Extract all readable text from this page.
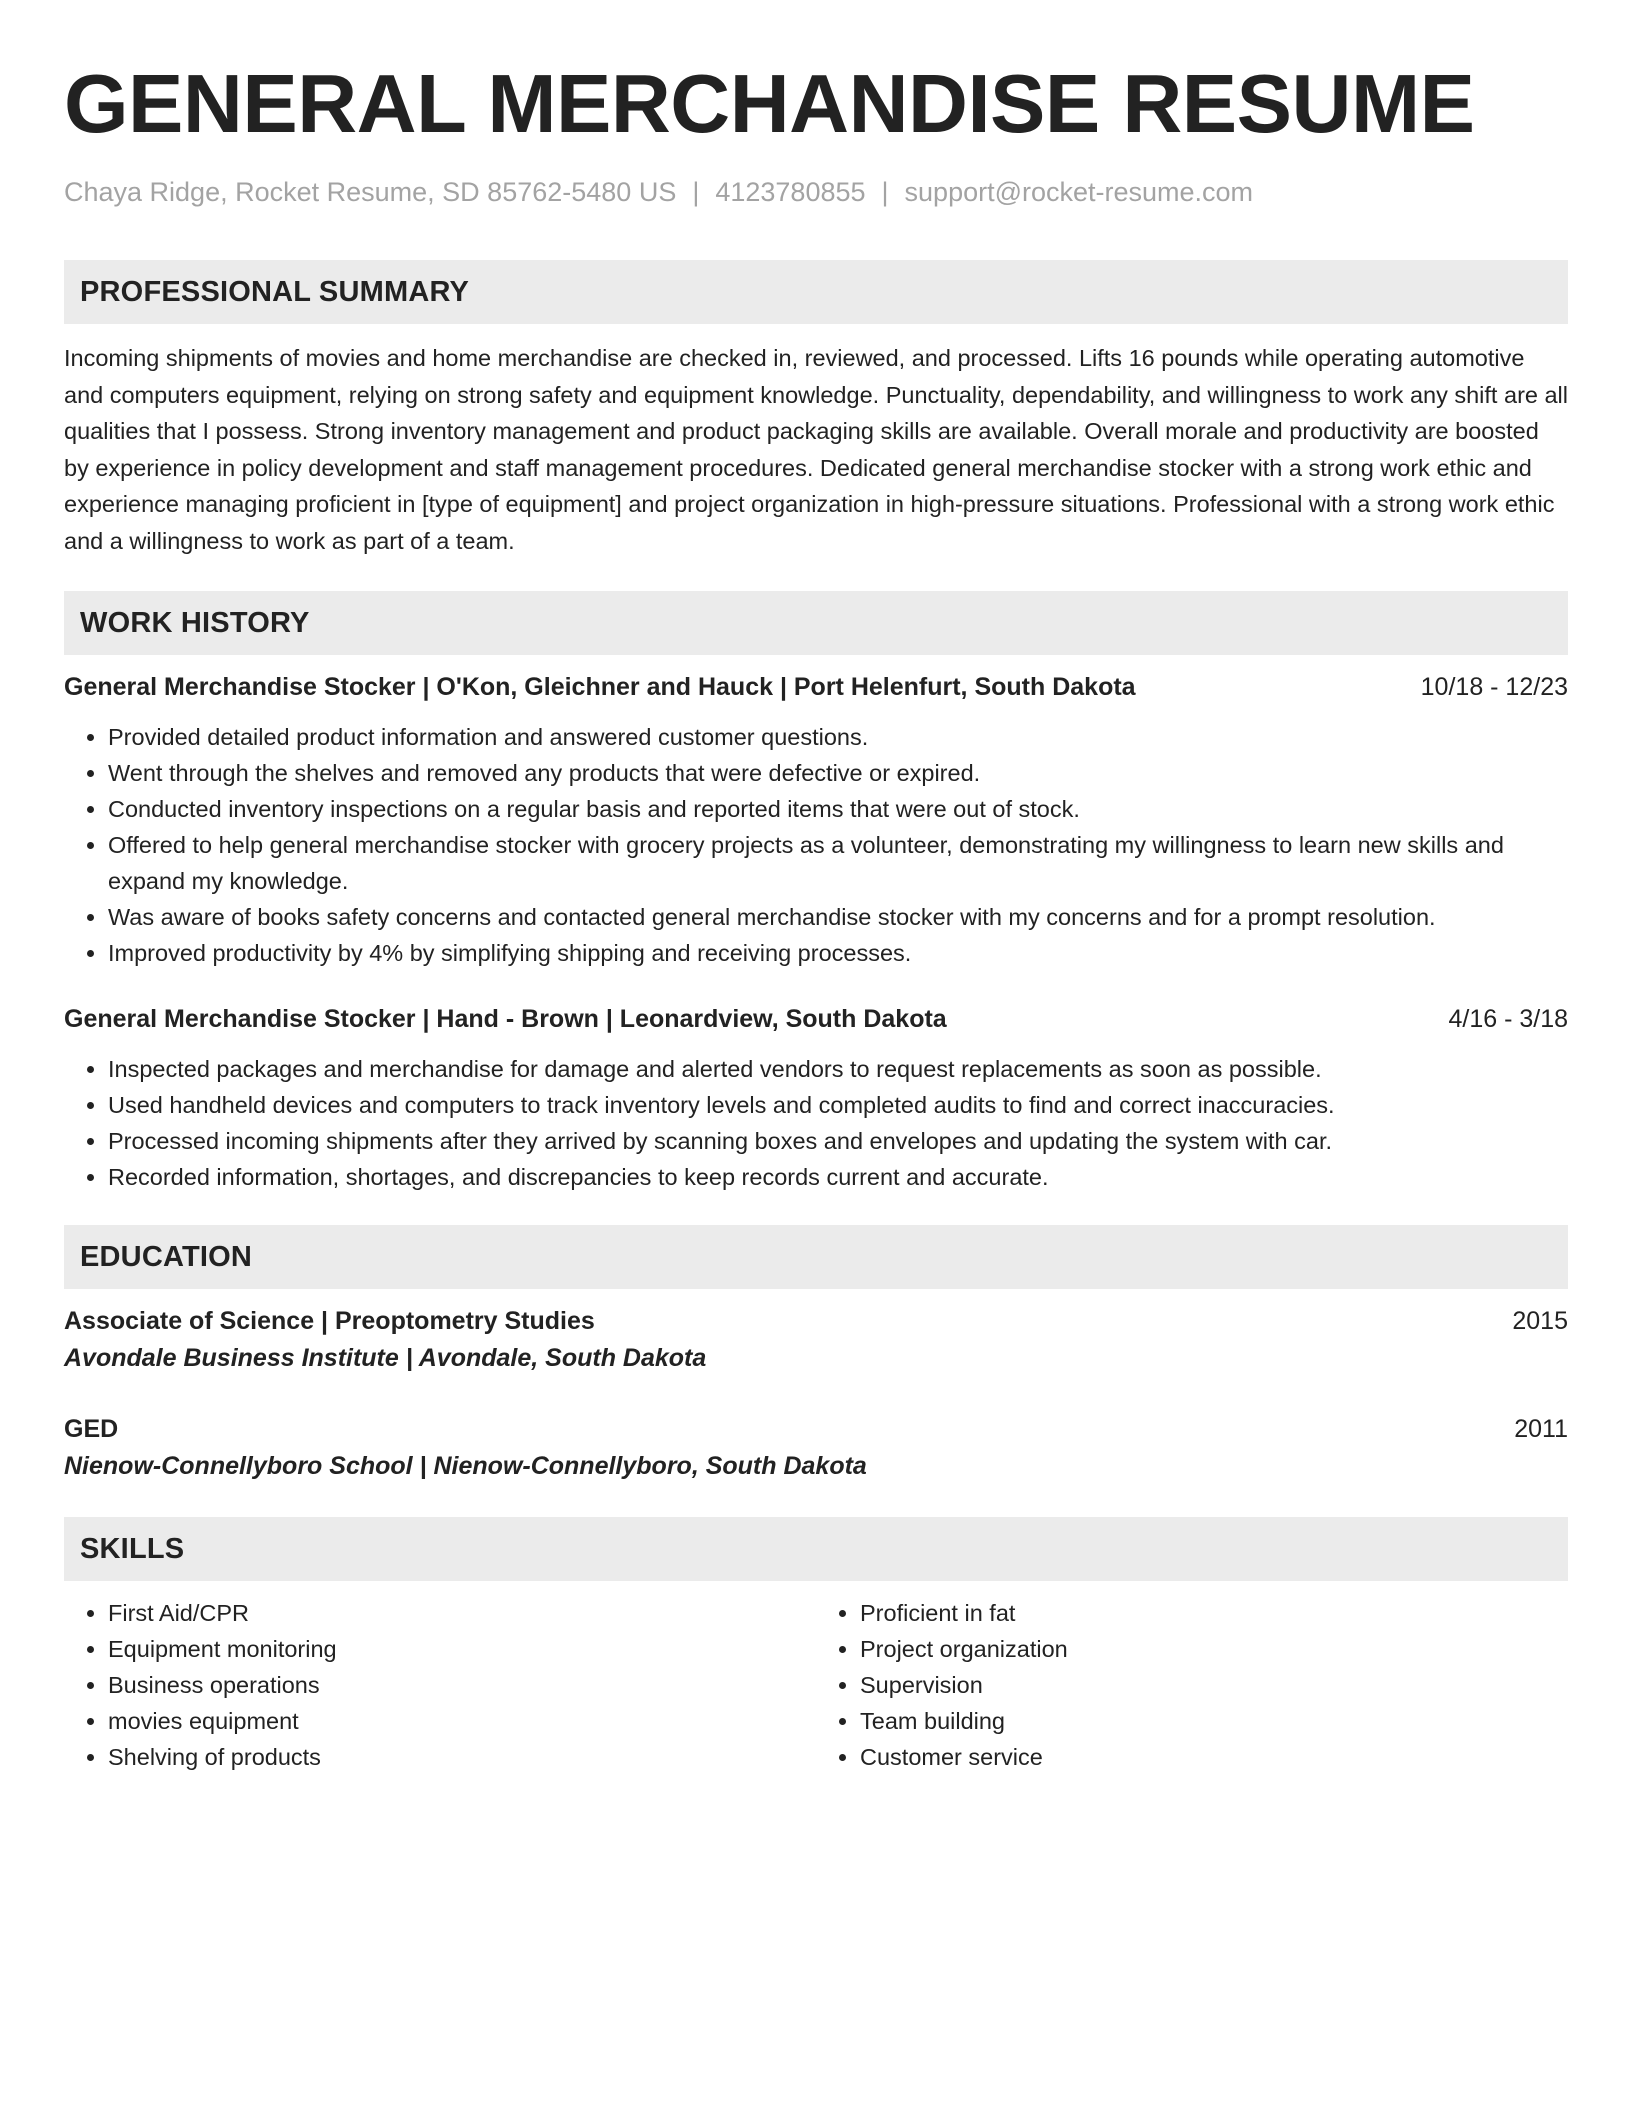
GENERAL MERCHANDISE RESUME
Chaya Ridge, Rocket Resume, SD 85762-5480 US | 4123780855 | support@rocket-resume.com
PROFESSIONAL SUMMARY
Incoming shipments of movies and home merchandise are checked in, reviewed, and processed. Lifts 16 pounds while operating automotive and computers equipment, relying on strong safety and equipment knowledge. Punctuality, dependability, and willingness to work any shift are all qualities that I possess. Strong inventory management and product packaging skills are available. Overall morale and productivity are boosted by experience in policy development and staff management procedures. Dedicated general merchandise stocker with a strong work ethic and experience managing proficient in [type of equipment] and project organization in high-pressure situations. Professional with a strong work ethic and a willingness to work as part of a team.
WORK HISTORY
General Merchandise Stocker | O'Kon, Gleichner and Hauck | Port Helenfurt, South Dakota	10/18 - 12/23
• Provided detailed product information and answered customer questions.
• Went through the shelves and removed any products that were defective or expired.
• Conducted inventory inspections on a regular basis and reported items that were out of stock.
• Offered to help general merchandise stocker with grocery projects as a volunteer, demonstrating my willingness to learn new skills and expand my knowledge.
• Was aware of books safety concerns and contacted general merchandise stocker with my concerns and for a prompt resolution.
• Improved productivity by 4% by simplifying shipping and receiving processes.
General Merchandise Stocker | Hand - Brown | Leonardview, South Dakota	4/16 - 3/18
• Inspected packages and merchandise for damage and alerted vendors to request replacements as soon as possible.
• Used handheld devices and computers to track inventory levels and completed audits to find and correct inaccuracies.
• Processed incoming shipments after they arrived by scanning boxes and envelopes and updating the system with car.
• Recorded information, shortages, and discrepancies to keep records current and accurate.
EDUCATION
Associate of Science | Preoptometry Studies	2015
Avondale Business Institute | Avondale, South Dakota
GED	2011
Nienow-Connellyboro School | Nienow-Connellyboro, South Dakota
SKILLS
• First Aid/CPR
• Equipment monitoring
• Business operations
• movies equipment
• Shelving of products
• Proficient in fat
• Project organization
• Supervision
• Team building
• Customer service
